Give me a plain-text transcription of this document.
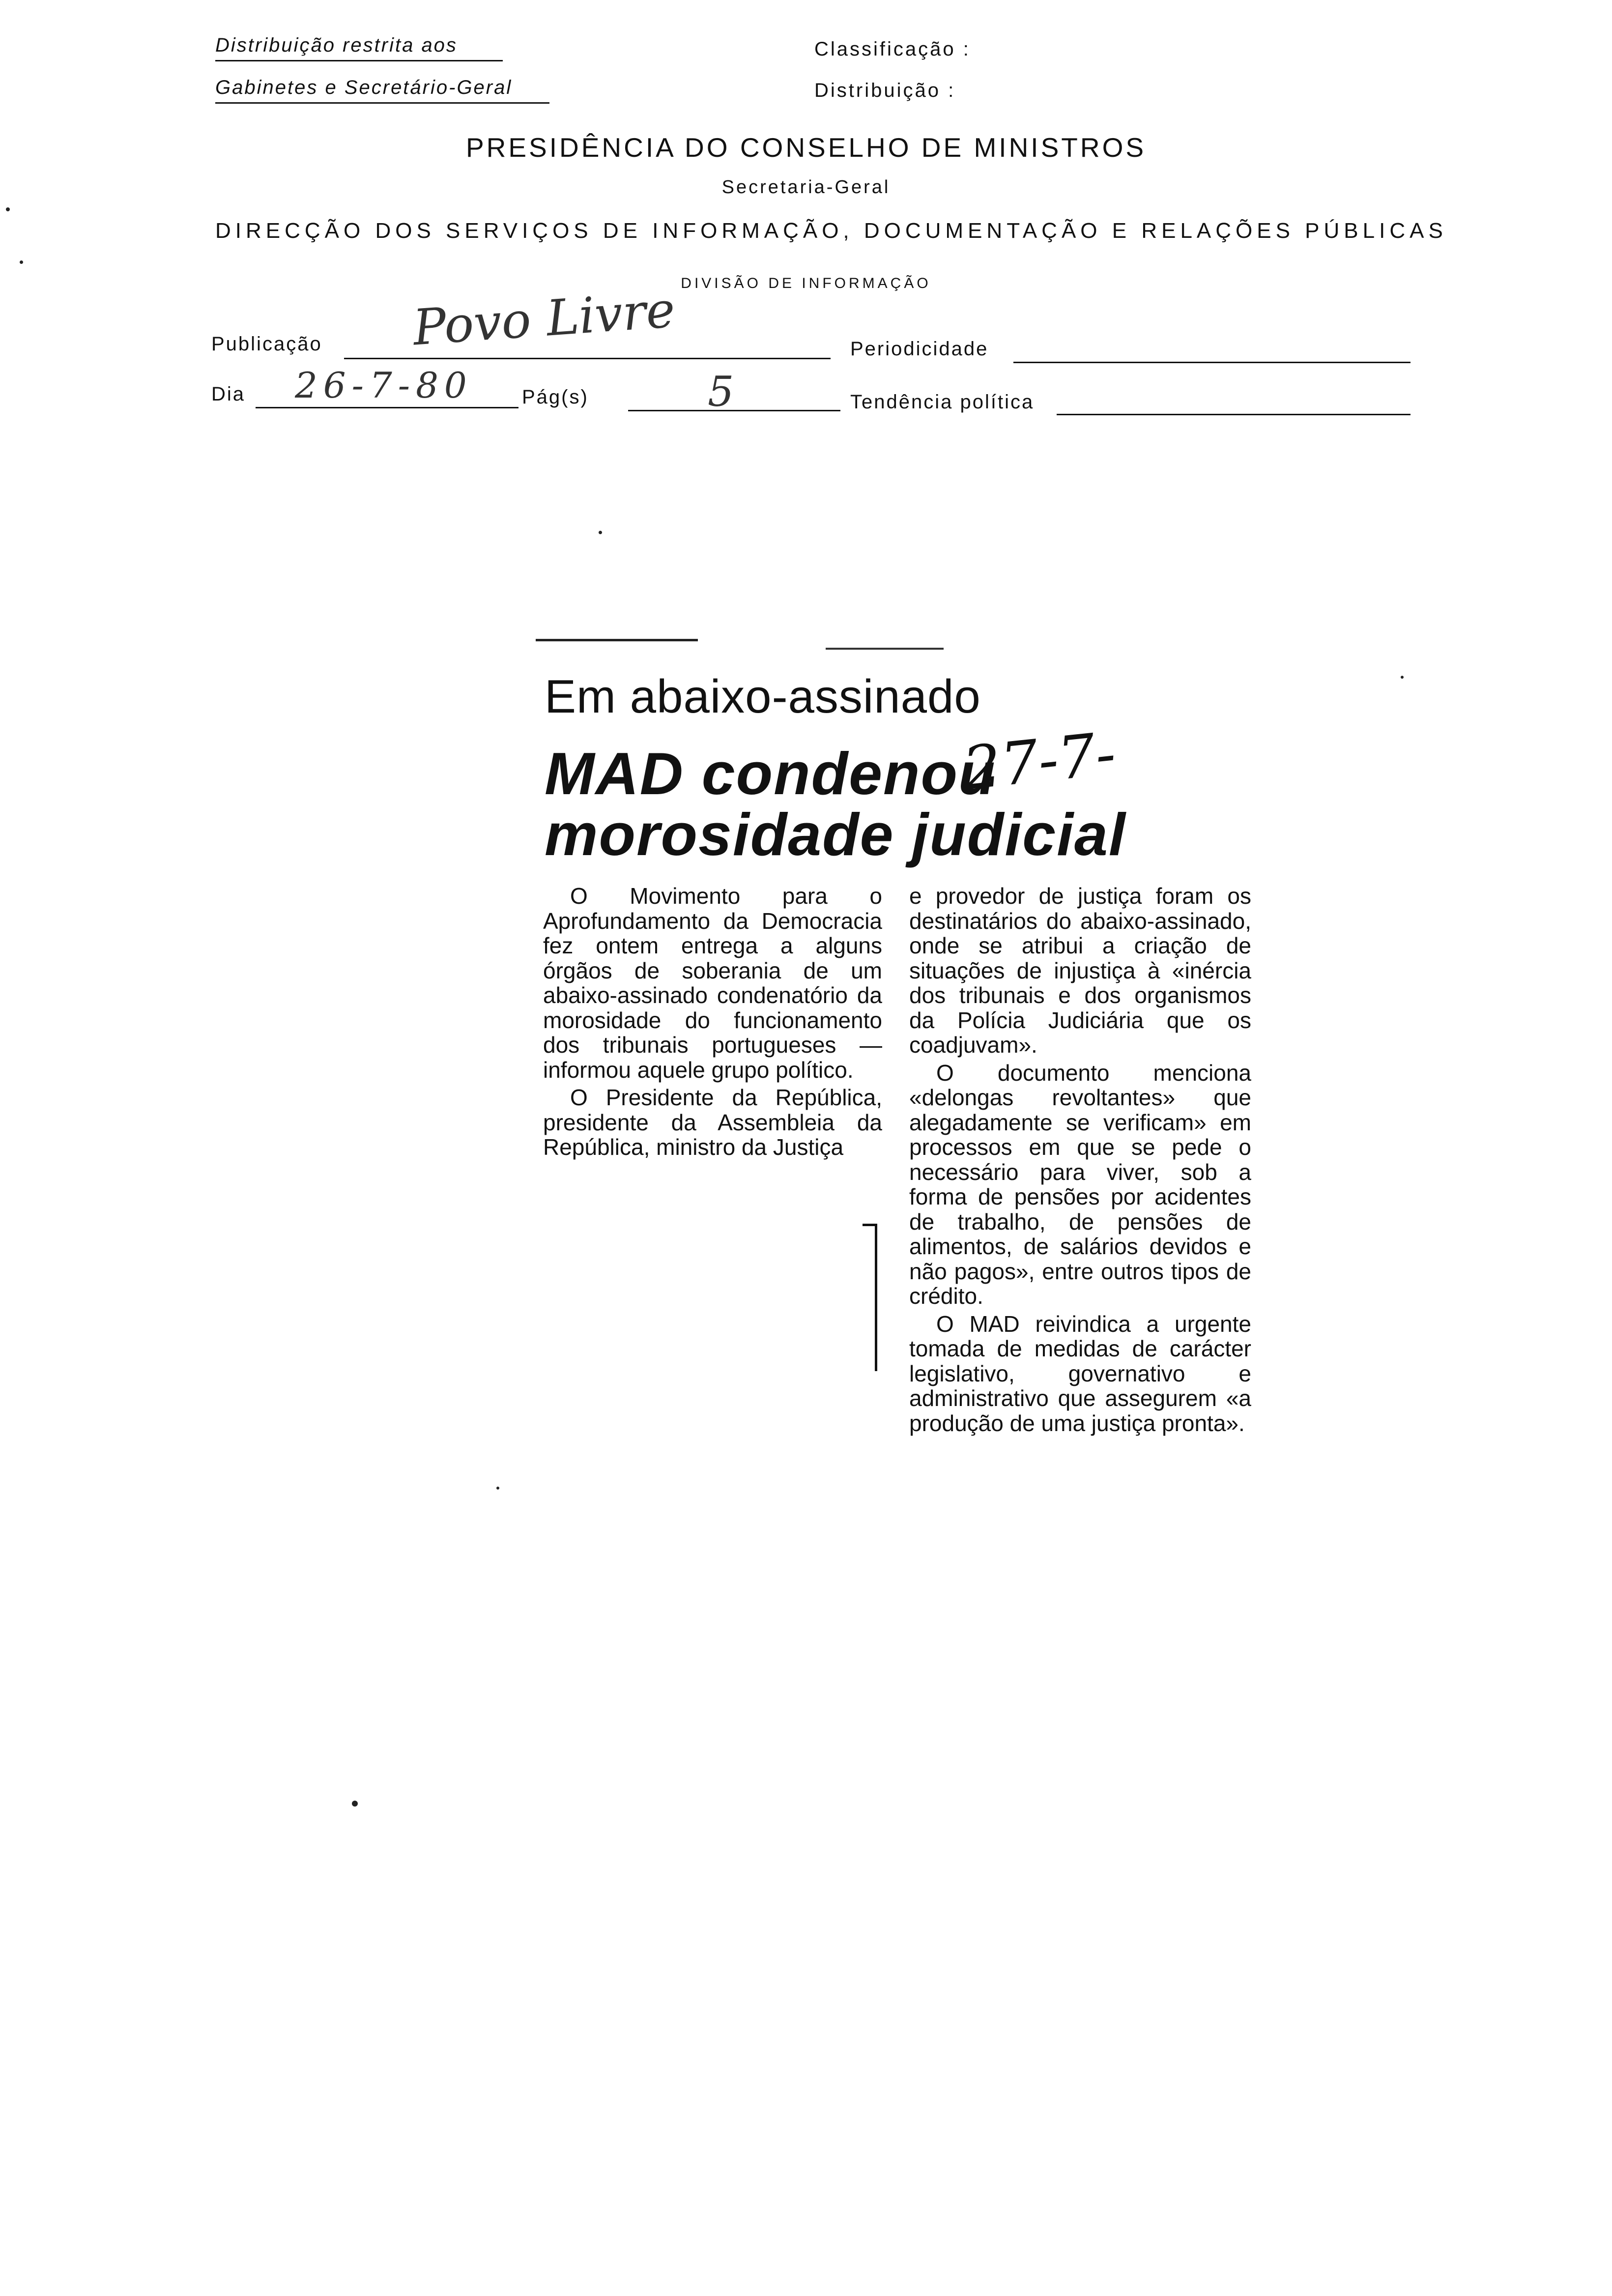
Distribuição restrita aos
Gabinetes e Secretário-Geral
Classificação :
Distribuição :
PRESIDÊNCIA DO CONSELHO DE MINISTROS
Secretaria-Geral
DIRECÇÃO DOS SERVIÇOS DE INFORMAÇÃO, DOCUMENTAÇÃO E RELAÇÕES PÚBLICAS
DIVISÃO DE INFORMAÇÃO
Publicação Povo Livre	Periodicidade
Dia 26-7-80	Pág(s)	5	Tendência política
Em abaixo-assinado
MAD condenou
morosidade judicial
27-7-

O Movimento para o Aprofundamento da Democracia fez ontem entrega a alguns órgãos de soberania de um abaixo-assinado condenatório da morosidade do funcionamento dos tribunais portugueses — informou aquele grupo político.

O Presidente da República, presidente da Assembleia da República, ministro da Justiça

e provedor de justiça foram os destinatários do abaixo-assinado, onde se atribui a criação de situações de injustiça à «inércia dos tribunais e dos organismos da Polícia Judiciária que os coadjuvam».

O documento menciona «delongas revoltantes» que alegadamente se verificam» em processos em que se pede o necessário para viver, sob a forma de pensões por acidentes de trabalho, de pensões de alimentos, de salários devidos e não pagos», entre outros tipos de crédito.

O MAD reivindica a urgente tomada de medidas de carácter legislativo, governativo e administrativo que assegurem «a produção de uma justiça pronta».
